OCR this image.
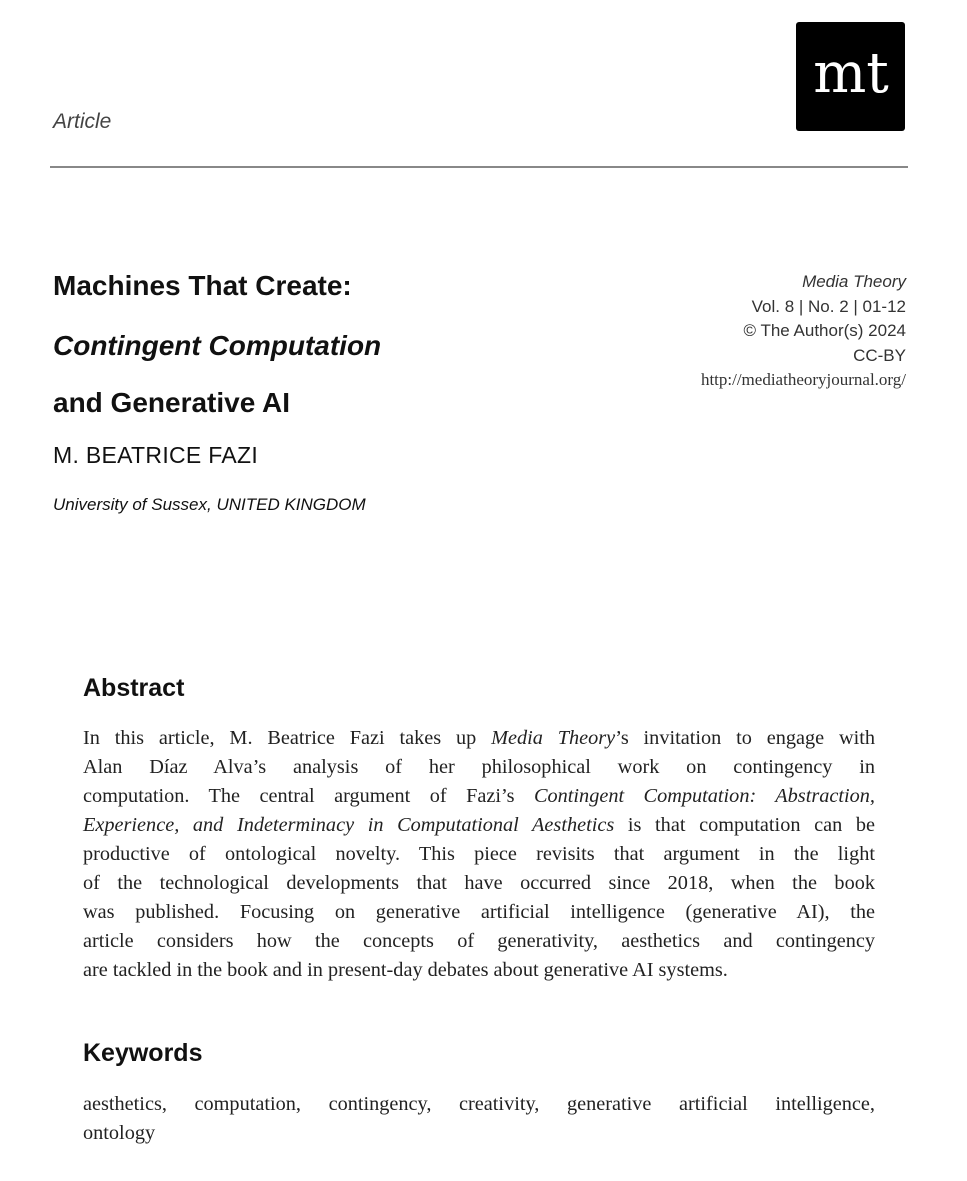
Article
mt
Machines That Create:
Contingent Computation
and Generative AI
M. BEATRICE FAZI
University of Sussex, UNITED KINGDOM
Media Theory
Vol. 8 | No. 2 | 01-12
© The Author(s) 2024
CC-BY
http://mediatheoryjournal.org/
Abstract
In this article, M. Beatrice Fazi takes up Media Theory’s invitation to engage with
Alan Díaz Alva’s analysis of her philosophical work on contingency in
computation. The central argument of Fazi’s Contingent Computation: Abstraction,
Experience, and Indeterminacy in Computational Aesthetics is that computation can be
productive of ontological novelty. This piece revisits that argument in the light
of the technological developments that have occurred since 2018, when the book
was published. Focusing on generative artificial intelligence (generative AI), the
article considers how the concepts of generativity, aesthetics and contingency
are tackled in the book and in present-day debates about generative AI systems.
Keywords
aesthetics, computation, contingency, creativity, generative artificial intelligence,
ontology
